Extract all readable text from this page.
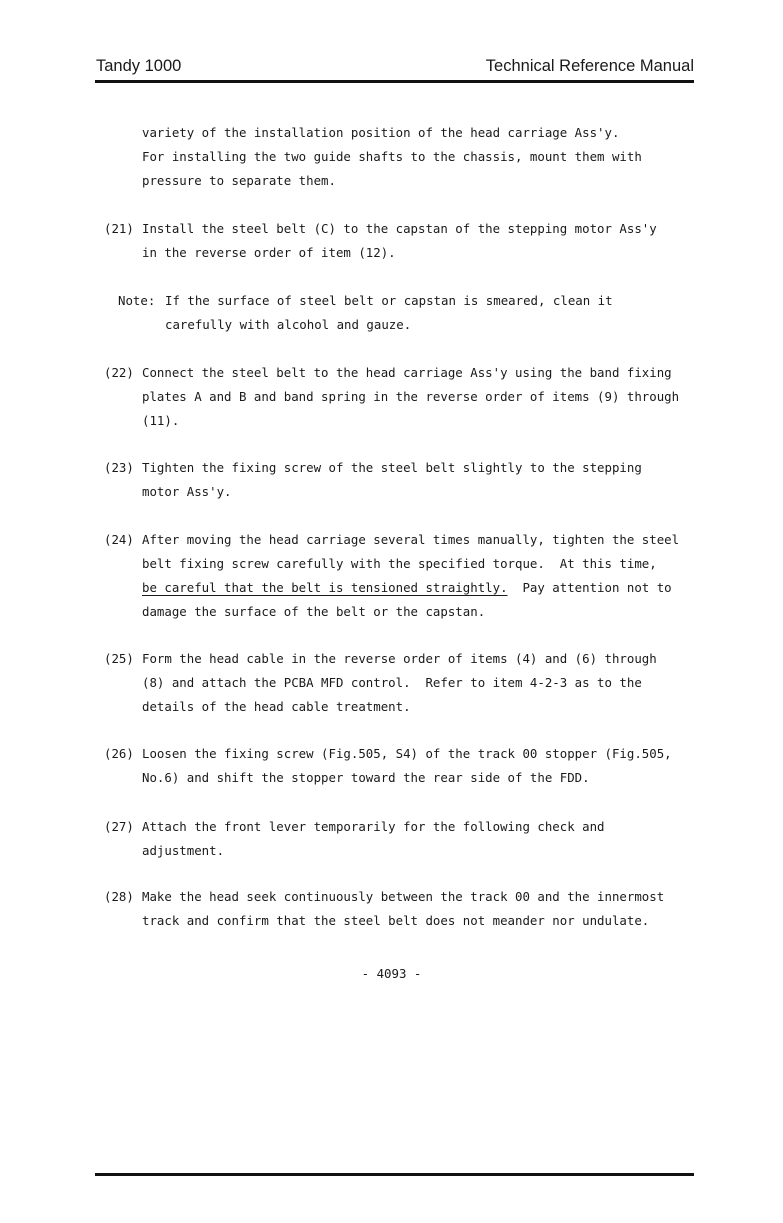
Tandy 1000	Technical Reference Manual
variety of the installation position of the head carriage Ass'y.
For installing the two guide shafts to the chassis, mount them with
pressure to separate them.
(21) Install the steel belt (C) to the capstan of the stepping motor Ass'y
in the reverse order of item (12).
Note: If the surface of steel belt or capstan is smeared, clean it
carefully with alcohol and gauze.
(22) Connect the steel belt to the head carriage Ass'y using the band fixing
plates A and B and band spring in the reverse order of items (9) through
(11).
(23) Tighten the fixing screw of the steel belt slightly to the stepping
motor Ass'y.
(24) After moving the head carriage several times manually, tighten the steel
belt fixing screw carefully with the specified torque.  At this time,
be careful that the belt is tensioned straightly.  Pay attention not to
damage the surface of the belt or the capstan.
(25) Form the head cable in the reverse order of items (4) and (6) through
(8) and attach the PCBA MFD control.  Refer to item 4-2-3 as to the
details of the head cable treatment.
(26) Loosen the fixing screw (Fig.505, S4) of the track 00 stopper (Fig.505,
No.6) and shift the stopper toward the rear side of the FDD.
(27) Attach the front lever temporarily for the following check and
adjustment.
(28) Make the head seek continuously between the track 00 and the innermost
track and confirm that the steel belt does not meander nor undulate.
- 4093 -
